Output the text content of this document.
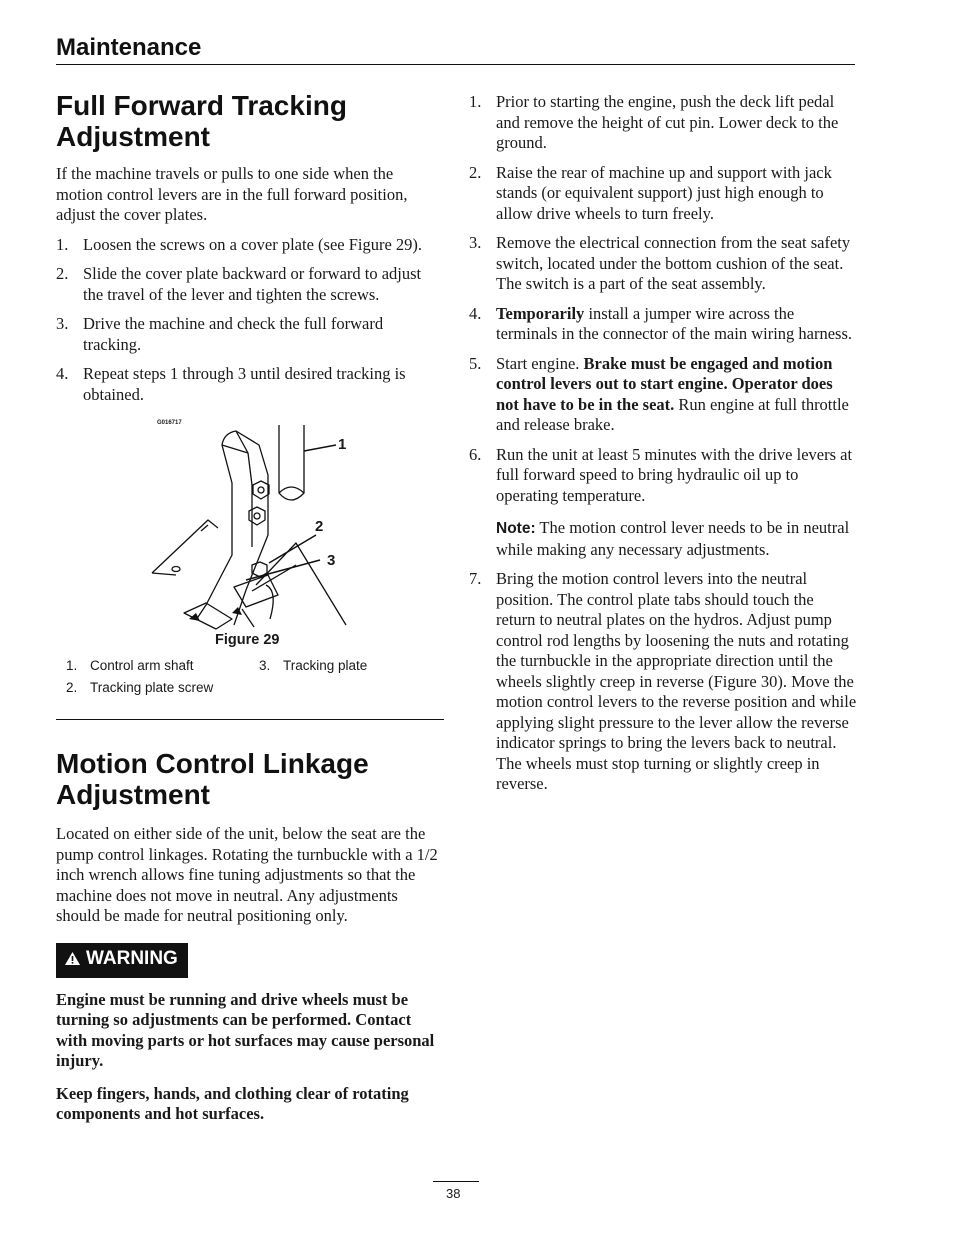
Maintenance
Full Forward Tracking
Adjustment

If the machine travels or pulls to one side when the motion control levers are in the full forward position, adjust the cover plates.

1. Loosen the screws on a cover plate (see Figure 29).
2. Slide the cover plate backward or forward to adjust the travel of the lever and tighten the screws.
3. Drive the machine and check the full forward tracking.
4. Repeat steps 1 through 3 until desired tracking is obtained.
G016717
1
2
3
Figure 29
1. Control arm shaft	3. Tracking plate
2. Tracking plate screw
Motion Control Linkage
Adjustment

Located on either side of the unit, below the seat are the pump control linkages. Rotating the turnbuckle with a 1/2 inch wrench allows fine tuning adjustments so that the machine does not move in neutral. Any adjustments should be made for neutral positioning only.

WARNING

Engine must be running and drive wheels must be turning so adjustments can be performed. Contact with moving parts or hot surfaces may cause personal injury.

Keep fingers, hands, and clothing clear of rotating components and hot surfaces.

1. Prior to starting the engine, push the deck lift pedal and remove the height of cut pin. Lower deck to the ground.
2. Raise the rear of machine up and support with jack stands (or equivalent support) just high enough to allow drive wheels to turn freely.
3. Remove the electrical connection from the seat safety switch, located under the bottom cushion of the seat. The switch is a part of the seat assembly.
4. Temporarily install a jumper wire across the terminals in the connector of the main wiring harness.
5. Start engine. Brake must be engaged and motion control levers out to start engine. Operator does not have to be in the seat. Run engine at full throttle and release brake.
6. Run the unit at least 5 minutes with the drive levers at full forward speed to bring hydraulic oil up to operating temperature.
Note: The motion control lever needs to be in neutral while making any necessary adjustments.
7. Bring the motion control levers into the neutral position. The control plate tabs should touch the return to neutral plates on the hydros. Adjust pump control rod lengths by loosening the nuts and rotating the turnbuckle in the appropriate direction until the wheels slightly creep in reverse (Figure 30). Move the motion control levers to the reverse position and while applying slight pressure to the lever allow the reverse indicator springs to bring the levers back to neutral. The wheels must stop turning or slightly creep in reverse.
38
